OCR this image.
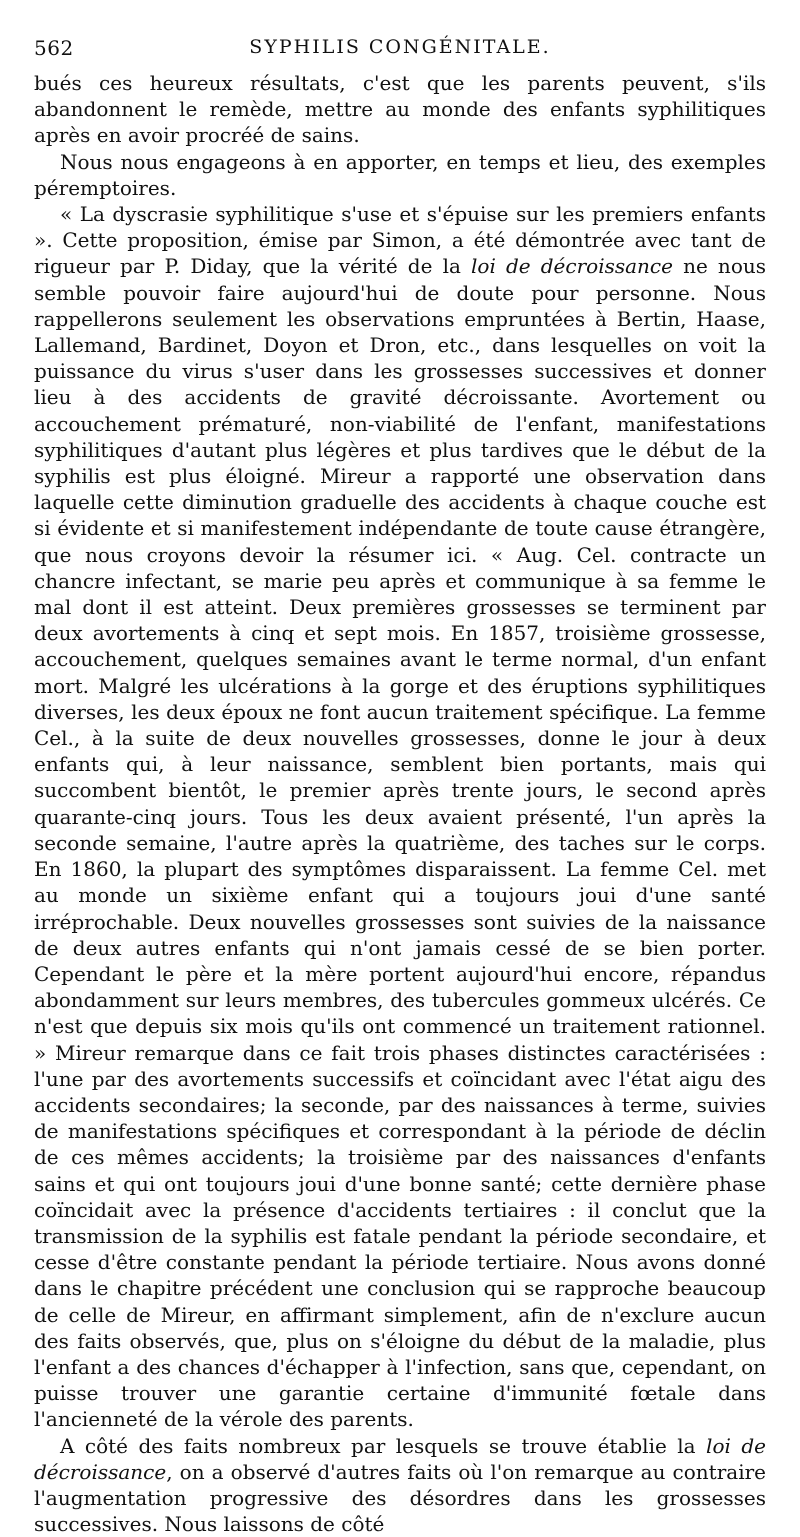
562	SYPHILIS CONGÉNITALE.

bués ces heureux résultats, c'est que les parents peuvent, s'ils abandonnent le remède, mettre au monde des enfants syphilitiques après en avoir procréé de sains.

Nous nous engageons à en apporter, en temps et lieu, des exemples péremptoires.

« La dyscrasie syphilitique s'use et s'épuise sur les premiers enfants ». Cette proposition, émise par Simon, a été démontrée avec tant de rigueur par P. Diday, que la vérité de la loi de décroissance ne nous semble pouvoir faire aujourd'hui de doute pour personne. Nous rappellerons seulement les observations empruntées à Bertin, Haase, Lallemand, Bardinet, Doyon et Dron, etc., dans lesquelles on voit la puissance du virus s'user dans les grossesses successives et donner lieu à des accidents de gravité décroissante. Avortement ou accouchement prématuré, non-viabilité de l'enfant, manifestations syphilitiques d'autant plus légères et plus tardives que le début de la syphilis est plus éloigné. Mireur a rapporté une observation dans laquelle cette diminution graduelle des accidents à chaque couche est si évidente et si manifestement indépendante de toute cause étrangère, que nous croyons devoir la résumer ici. « Aug. Cel. contracte un chancre infectant, se marie peu après et communique à sa femme le mal dont il est atteint. Deux premières grossesses se terminent par deux avortements à cinq et sept mois. En 1857, troisième grossesse, accouchement, quelques semaines avant le terme normal, d'un enfant mort. Malgré les ulcérations à la gorge et des éruptions syphilitiques diverses, les deux époux ne font aucun traitement spécifique. La femme Cel., à la suite de deux nouvelles grossesses, donne le jour à deux enfants qui, à leur naissance, semblent bien portants, mais qui succombent bientôt, le premier après trente jours, le second après quarante-cinq jours. Tous les deux avaient présenté, l'un après la seconde semaine, l'autre après la quatrième, des taches sur le corps. En 1860, la plupart des symptômes disparaissent. La femme Cel. met au monde un sixième enfant qui a toujours joui d'une santé irréprochable. Deux nouvelles grossesses sont suivies de la naissance de deux autres enfants qui n'ont jamais cessé de se bien porter. Cependant le père et la mère portent aujourd'hui encore, répandus abondamment sur leurs membres, des tubercules gommeux ulcérés. Ce n'est que depuis six mois qu'ils ont commencé un traitement rationnel. » Mireur remarque dans ce fait trois phases distinctes caractérisées : l'une par des avortements successifs et coïncidant avec l'état aigu des accidents secondaires; la seconde, par des naissances à terme, suivies de manifestations spécifiques et correspondant à la période de déclin de ces mêmes accidents; la troisième par des naissances d'enfants sains et qui ont toujours joui d'une bonne santé; cette dernière phase coïncidait avec la présence d'accidents tertiaires : il conclut que la transmission de la syphilis est fatale pendant la période secondaire, et cesse d'être constante pendant la période tertiaire. Nous avons donné dans le chapitre précédent une conclusion qui se rapproche beaucoup de celle de Mireur, en affirmant simplement, afin de n'exclure aucun des faits observés, que, plus on s'éloigne du début de la maladie, plus l'enfant a des chances d'échapper à l'infection, sans que, cependant, on puisse trouver une garantie certaine d'immunité fœtale dans l'ancienneté de la vérole des parents.

A côté des faits nombreux par lesquels se trouve établie la loi de décroissance, on a observé d'autres faits où l'on remarque au contraire l'augmentation progressive des désordres dans les grossesses successives. Nous laissons de côté
